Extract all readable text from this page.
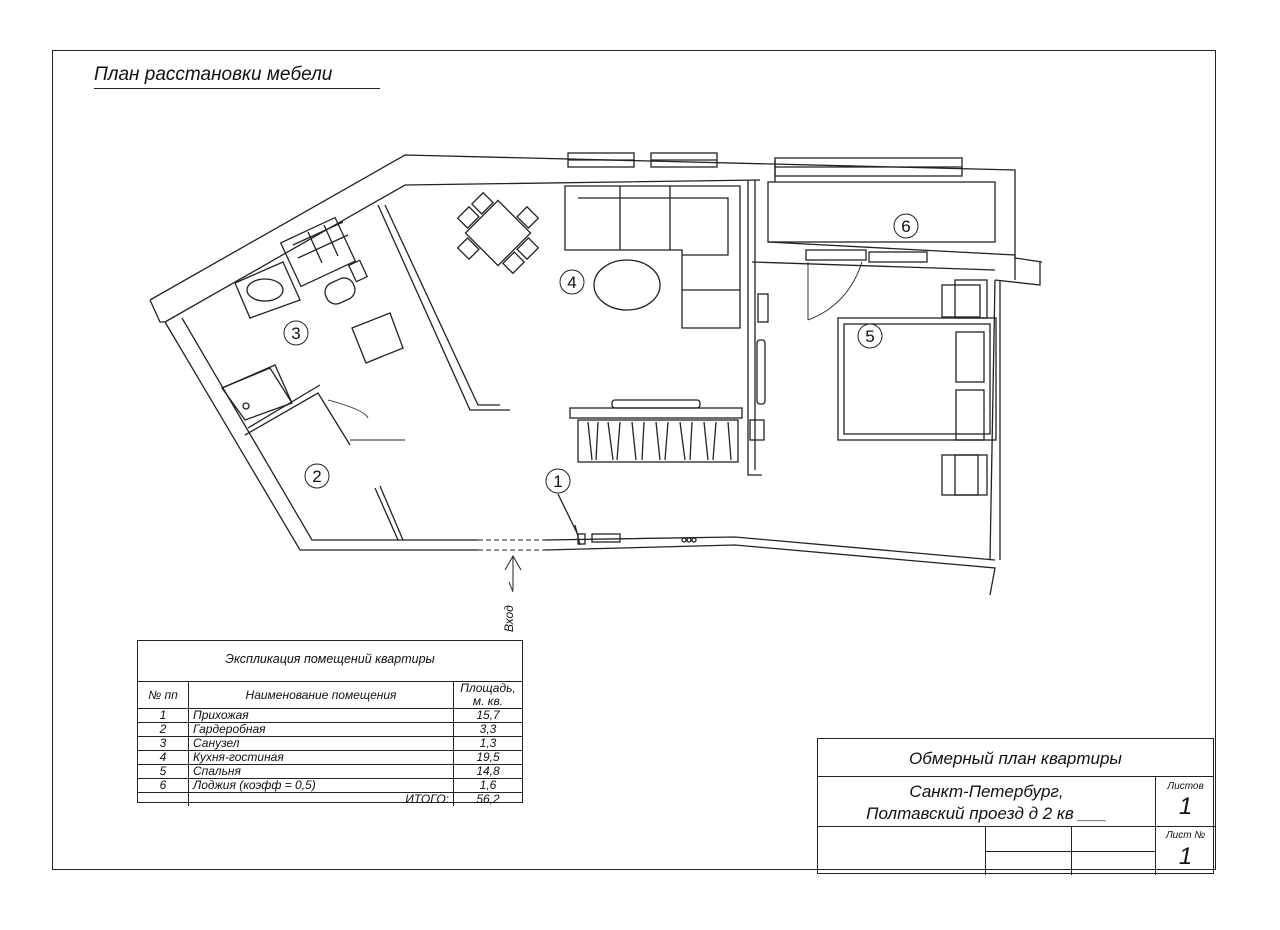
План расстановки мебели
1
2
3
4
5
6
Вход
Экспликация помещений квартиры
№ пп	Наименование помещения	Площадь, м. кв.
1	Прихожая	15,7
2	Гардеробная	3,3
3	Санузел	1,3
4	Кухня-гостиная	19,5
5	Спальня	14,8
6	Лоджия (коэфф = 0,5)	1,6
	ИТОГО:	56,2
Обмерный план квартиры
Санкт-Петербург,
Полтавский проезд д 2 кв ___
Листов
1
Лист №
1
